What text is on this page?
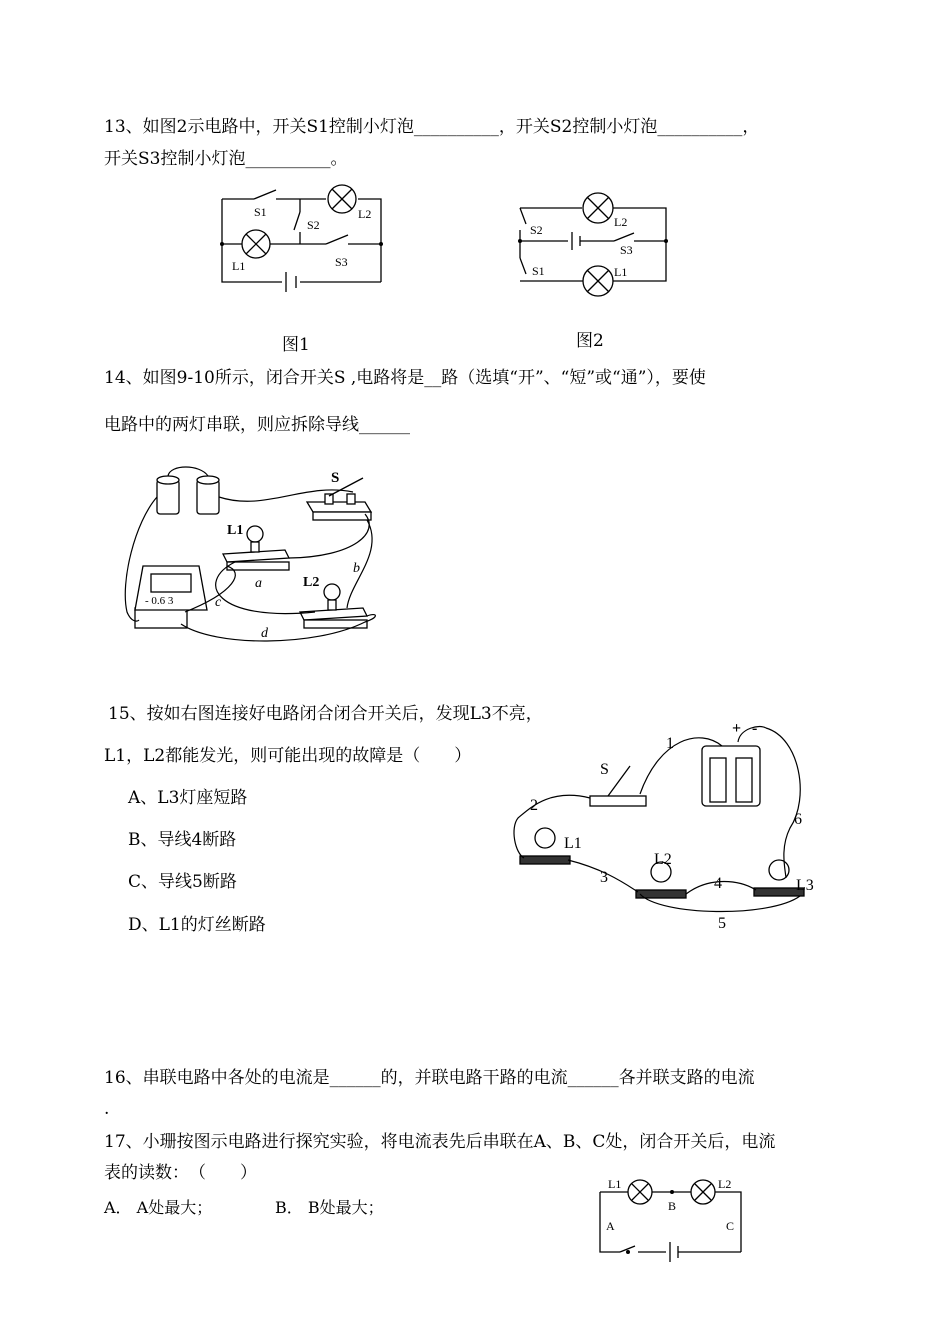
13、如图2示电路中，开关S1控制小灯泡__________，开关S2控制小灯泡__________，
开关S3控制小灯泡__________。
S1
S2
S3
L1
L2
图1
S2
S1
S3
L2
L1
图2
14、如图9-10所示，闭合开关S ,电路将是__路（选填“开”、“短”或“通”），要使
电路中的两灯串联，则应拆除导线______
S
L1
L2
a
b
c
d
- 0.6 3
15、按如右图连接好电路闭合闭合开关后，发现L3不亮，
L1，L2都能发光，则可能出现的故障是（　　）
A、L3灯座短路
B、导线4断路
C、导线5断路
D、L1的灯丝断路
+ -
S
L1
L2
L3
1
2
3	4
5
6
16、串联电路中各处的电流是______的，并联电路干路的电流______各并联支路的电流
.
17、小珊按图示电路进行探究实验，将电流表先后串联在A、B、C处，闭合开关后，电流
表的读数：　（　　）
A． A处最大；	B． B处最大；
L1	L2
A
B
C
